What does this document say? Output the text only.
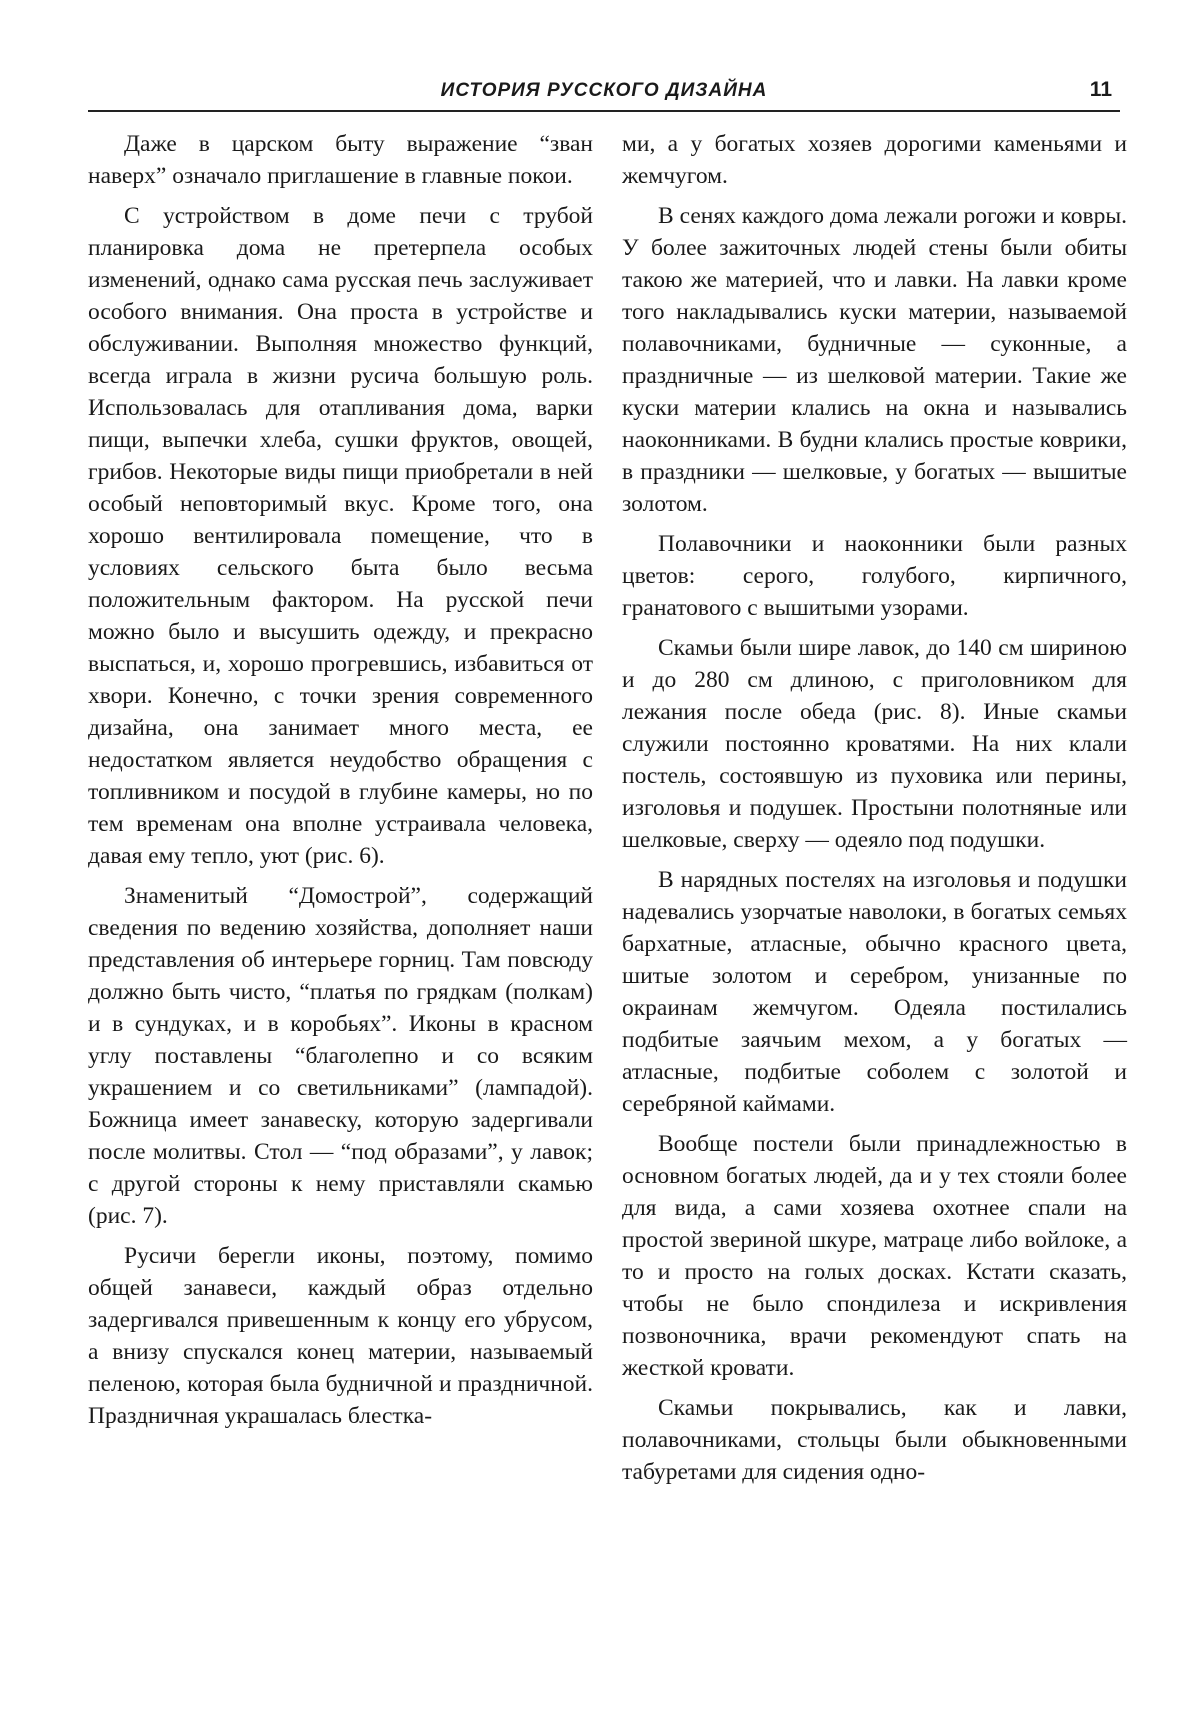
ИСТОРИЯ РУССКОГО ДИЗАЙНА	11

Даже в царском быту выражение “зван наверх” означало приглашение в главные покои.

С устройством в доме печи с трубой планировка дома не претерпела особых изменений, однако сама русская печь заслуживает особого внимания. Она проста в устройстве и обслуживании. Выполняя множество функций, всегда играла в жизни русича большую роль. Использовалась для отапливания дома, варки пищи, выпечки хлеба, сушки фруктов, овощей, грибов. Некоторые виды пищи приобретали в ней особый неповторимый вкус. Кроме того, она хорошо вентилировала помещение, что в условиях сельского быта было весьма положительным фактором. На русской печи можно было и высушить одежду, и прекрасно выспаться, и, хорошо прогревшись, избавиться от хвори. Конечно, с точки зрения современного дизайна, она занимает много места, ее недостатком является неудобство обращения с топливником и посудой в глубине камеры, но по тем временам она вполне устраивала человека, давая ему тепло, уют (рис. 6).

Знаменитый “Домострой”, содержащий сведения по ведению хозяйства, дополняет наши представления об интерьере горниц. Там повсюду должно быть чисто, “платья по грядкам (полкам) и в сундуках, и в коробьях”. Иконы в красном углу поставлены “благолепно и со всяким украшением и со светильниками” (лампадой). Божница имеет занавеску, которую задергивали после молитвы. Стол — “под образами”, у лавок; с другой стороны к нему приставляли скамью (рис. 7).

Русичи берегли иконы, поэтому, помимо общей занавеси, каждый образ отдельно задергивался привешенным к концу его убрусом, а внизу спускался конец материи, называемый пеленою, которая была будничной и праздничной. Праздничная украшалась блестка-

ми, а у богатых хозяев дорогими каменьями и жемчугом.

В сенях каждого дома лежали рогожи и ковры. У более зажиточных людей стены были обиты такою же материей, что и лавки. На лавки кроме того накладывались куски материи, называемой полавочниками, будничные — суконные, а праздничные — из шелковой материи. Такие же куски материи клались на окна и назывались наоконниками. В будни клались простые коврики, в праздники — шелковые, у богатых — вышитые золотом.

Полавочники и наоконники были разных цветов: серого, голубого, кирпичного, гранатового с вышитыми узорами.

Скамьи были шире лавок, до 140 см шириною и до 280 см длиною, с приголовником для лежания после обеда (рис. 8). Иные скамьи служили постоянно кроватями. На них клали постель, состоявшую из пуховика или перины, изголовья и подушек. Простыни полотняные или шелковые, сверху — одеяло под подушки.

В нарядных постелях на изголовья и подушки надевались узорчатые наволоки, в богатых семьях бархатные, атласные, обычно красного цвета, шитые золотом и серебром, унизанные по окраинам жемчугом. Одеяла постилались подбитые заячьим мехом, а у богатых — атласные, подбитые соболем с золотой и серебряной каймами.

Вообще постели были принадлежностью в основном богатых людей, да и у тех стояли более для вида, а сами хозяева охотнее спали на простой звериной шкуре, матраце либо войлоке, а то и просто на голых досках. Кстати сказать, чтобы не было спондилеза и искривления позвоночника, врачи рекомендуют спать на жесткой кровати.

Скамьи покрывались, как и лавки, полавочниками, стольцы были обыкновенными табуретами для сидения одно-
